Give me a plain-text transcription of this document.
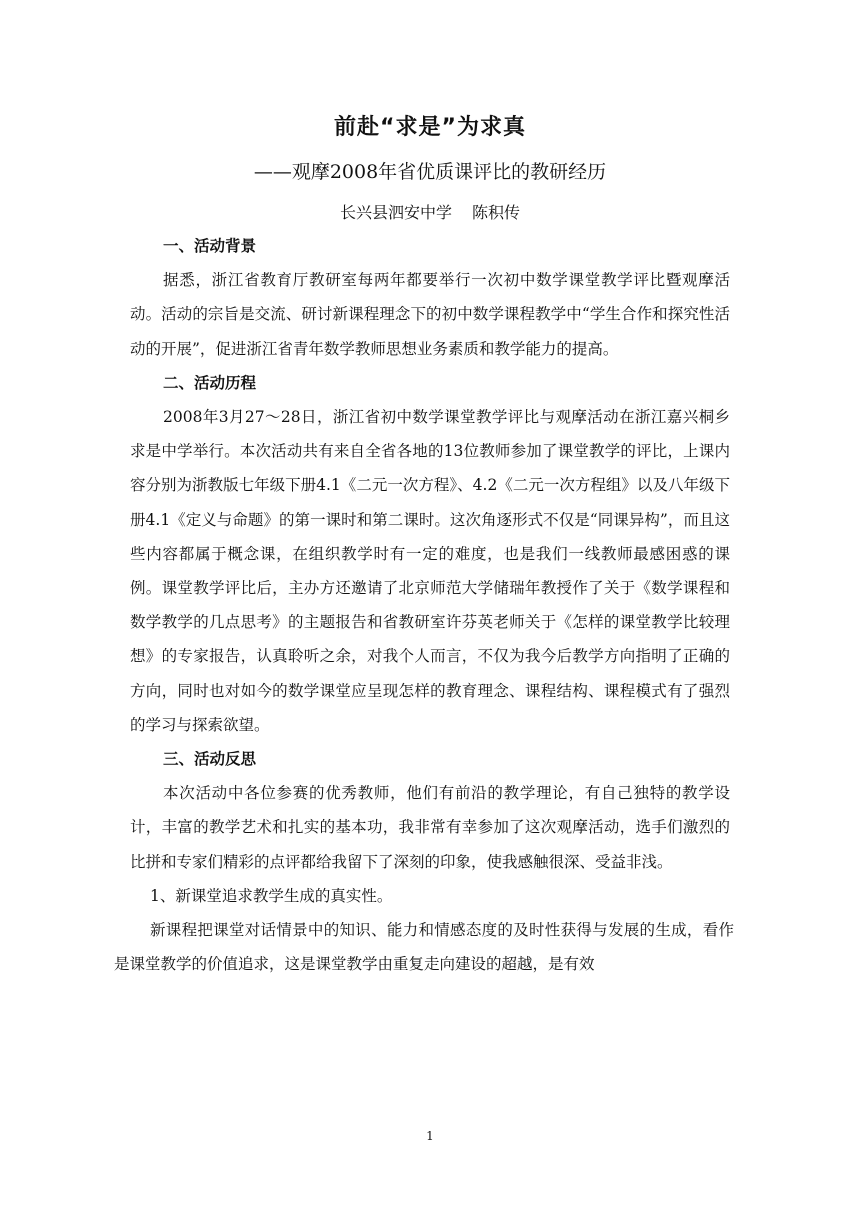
前赴“求是”为求真
——观摩2008年省优质课评比的教研经历
长兴县泗安中学 陈积传

一、活动背景

据悉，浙江省教育厅教研室每两年都要举行一次初中数学课堂教学评比暨观摩活动。活动的宗旨是交流、研讨新课程理念下的初中数学课程教学中“学生合作和探究性活动的开展”，促进浙江省青年数学教师思想业务素质和教学能力的提高。

二、活动历程

2008年3月27～28日，浙江省初中数学课堂教学评比与观摩活动在浙江嘉兴桐乡求是中学举行。本次活动共有来自全省各地的13位教师参加了课堂教学的评比，上课内容分别为浙教版七年级下册4.1《二元一次方程》、4.2《二元一次方程组》以及八年级下册4.1《定义与命题》的第一课时和第二课时。这次角逐形式不仅是“同课异构”，而且这些内容都属于概念课，在组织教学时有一定的难度，也是我们一线教师最感困惑的课例。课堂教学评比后，主办方还邀请了北京师范大学储瑞年教授作了关于《数学课程和数学教学的几点思考》的主题报告和省教研室许芬英老师关于《怎样的课堂教学比较理想》的专家报告，认真聆听之余，对我个人而言，不仅为我今后教学方向指明了正确的方向，同时也对如今的数学课堂应呈现怎样的教育理念、课程结构、课程模式有了强烈的学习与探索欲望。

三、活动反思

本次活动中各位参赛的优秀教师，他们有前沿的教学理论，有自己独特的教学设计，丰富的教学艺术和扎实的基本功，我非常有幸参加了这次观摩活动，选手们激烈的比拼和专家们精彩的点评都给我留下了深刻的印象，使我感触很深、受益非浅。

1、新课堂追求教学生成的真实性。

新课程把课堂对话情景中的知识、能力和情感态度的及时性获得与发展的生成，看作是课堂教学的价值追求，这是课堂教学由重复走向建设的超越，是有效

1
